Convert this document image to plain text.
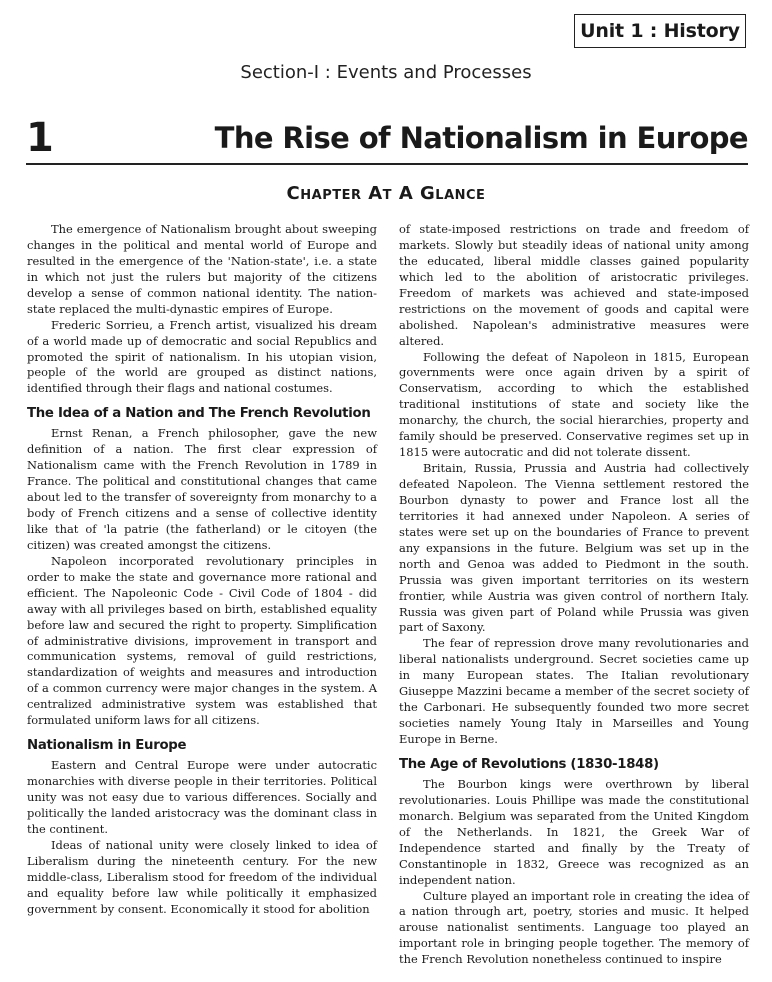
Unit 1 : History
Section-I : Events and Processes
1	The Rise of Nationalism in Europe
Chapter At A Glance

The emergence of Nationalism brought about sweeping changes in the political and mental world of Europe and resulted in the emergence of the 'Nation-state', i.e. a state in which not just the rulers but majority of the citizens develop a sense of common national identity. The nation-state replaced the multi-dynastic empires of Europe.

Frederic Sorrieu, a French artist, visualized his dream of a world made up of democratic and social Republics and promoted the spirit of nationalism. In his utopian vision, people of the world are grouped as distinct nations, identified through their flags and national costumes.

The Idea of a Nation and The French Revolution

Ernst Renan, a French philosopher, gave the new definition of a nation. The first clear expression of Nationalism came with the French Revolution in 1789 in France. The political and constitutional changes that came about led to the transfer of sovereignty from monarchy to a body of French citizens and a sense of collective identity like that of 'la patrie (the fatherland) or le citoyen (the citizen) was created amongst the citizens.

Napoleon incorporated revolutionary principles in order to make the state and governance more rational and efficient. The Napoleonic Code - Civil Code of 1804 - did away with all privileges based on birth, established equality before law and secured the right to property. Simplification of administrative divisions, improvement in transport and communication systems, removal of guild restrictions, standardization of weights and measures and introduction of a common currency were major changes in the system. A centralized administrative system was established that formulated uniform laws for all citizens.

Nationalism in Europe

Eastern and Central Europe were under autocratic monarchies with diverse people in their territories. Political unity was not easy due to various differences. Socially and politically the landed aristocracy was the dominant class in the continent.

Ideas of national unity were closely linked to idea of Liberalism during the nineteenth century. For the new middle-class, Liberalism stood for freedom of the individual and equality before law while politically it emphasized government by consent. Economically it stood for abolition

of state-imposed restrictions on trade and freedom of markets. Slowly but steadily ideas of national unity among the educated, liberal middle classes gained popularity which led to the abolition of aristocratic privileges. Freedom of markets was achieved and state-imposed restrictions on the movement of goods and capital were abolished. Napolean's administrative measures were altered.

Following the defeat of Napoleon in 1815, European governments were once again driven by a spirit of Conservatism, according to which the established traditional institutions of state and society like the monarchy, the church, the social hierarchies, property and family should be preserved. Conservative regimes set up in 1815 were autocratic and did not tolerate dissent.

Britain, Russia, Prussia and Austria had collectively defeated Napoleon. The Vienna settlement restored the Bourbon dynasty to power and France lost all the territories it had annexed under Napoleon. A series of states were set up on the boundaries of France to prevent any expansions in the future. Belgium was set up in the north and Genoa was added to Piedmont in the south. Prussia was given important territories on its western frontier, while Austria was given control of northern Italy. Russia was given part of Poland while Prussia was given part of Saxony.

The fear of repression drove many revolutionaries and liberal nationalists underground. Secret societies came up in many European states. The Italian revolutionary Giuseppe Mazzini became a member of the secret society of the Carbonari. He subsequently founded two more secret societies namely Young Italy in Marseilles and Young Europe in Berne.

The Age of Revolutions (1830-1848)

The Bourbon kings were overthrown by liberal revolutionaries. Louis Phillipe was made the constitutional monarch. Belgium was separated from the United Kingdom of the Netherlands. In 1821, the Greek War of Independence started and finally by the Treaty of Constantinople in 1832, Greece was recognized as an independent nation.

Culture played an important role in creating the idea of a nation through art, poetry, stories and music. It helped arouse nationalist sentiments. Language too played an important role in bringing people together. The memory of the French Revolution nonetheless continued to inspire
